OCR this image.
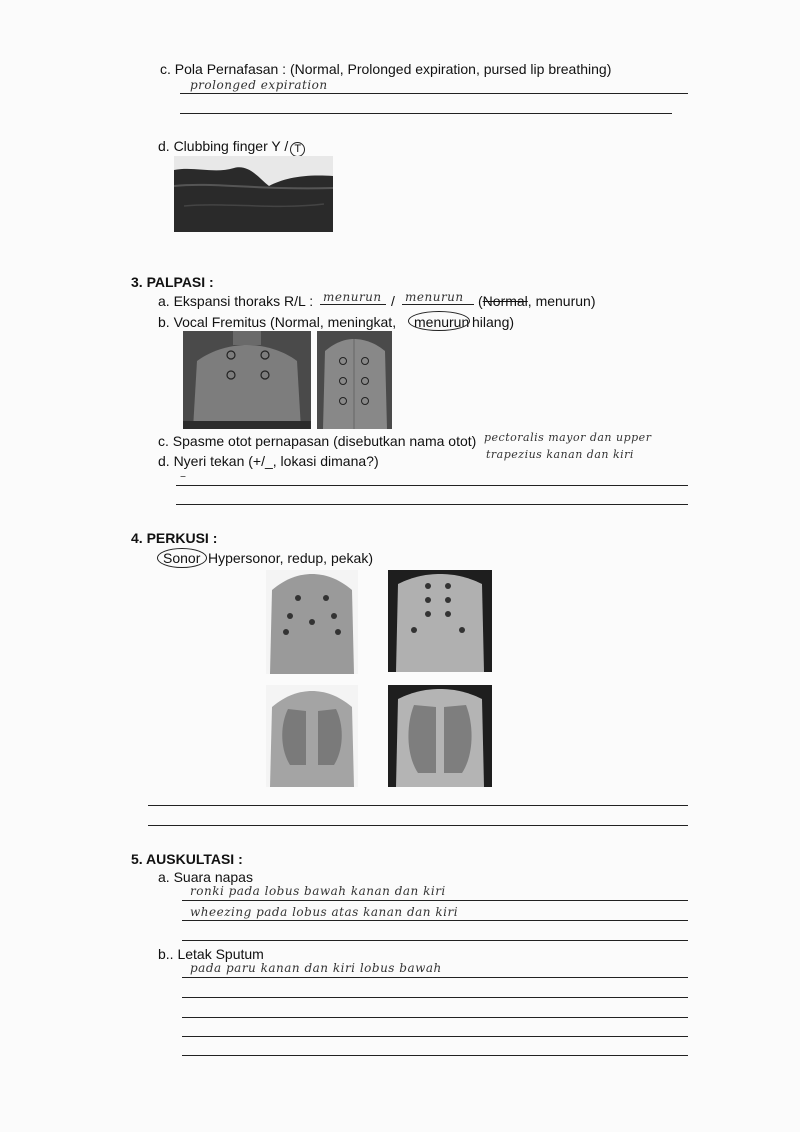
c. Pola Pernafasan : (Normal, Prolonged expiration, pursed lip breathing)
prolonged expiration
d. Clubbing finger Y / T
3. PALPASI :
a. Ekspansi thoraks R/L : menurun / menurun (Normal, menurun)
b. Vocal Fremitus (Normal, meningkat, menurun hilang)
c. Spasme otot pernapasan (disebutkan nama otot) pectoralis mayor dan upper
trapezius kanan dan kiri
d. Nyeri tekan (+/_, lokasi dimana?)
–
4. PERKUSI :
Sonor Hypersonor, redup, pekak)
5. AUSKULTASI :
a. Suara napas
ronki pada lobus bawah kanan dan kiri
wheezing pada lobus atas kanan dan kiri
b.. Letak Sputum
pada paru kanan dan kiri lobus bawah
